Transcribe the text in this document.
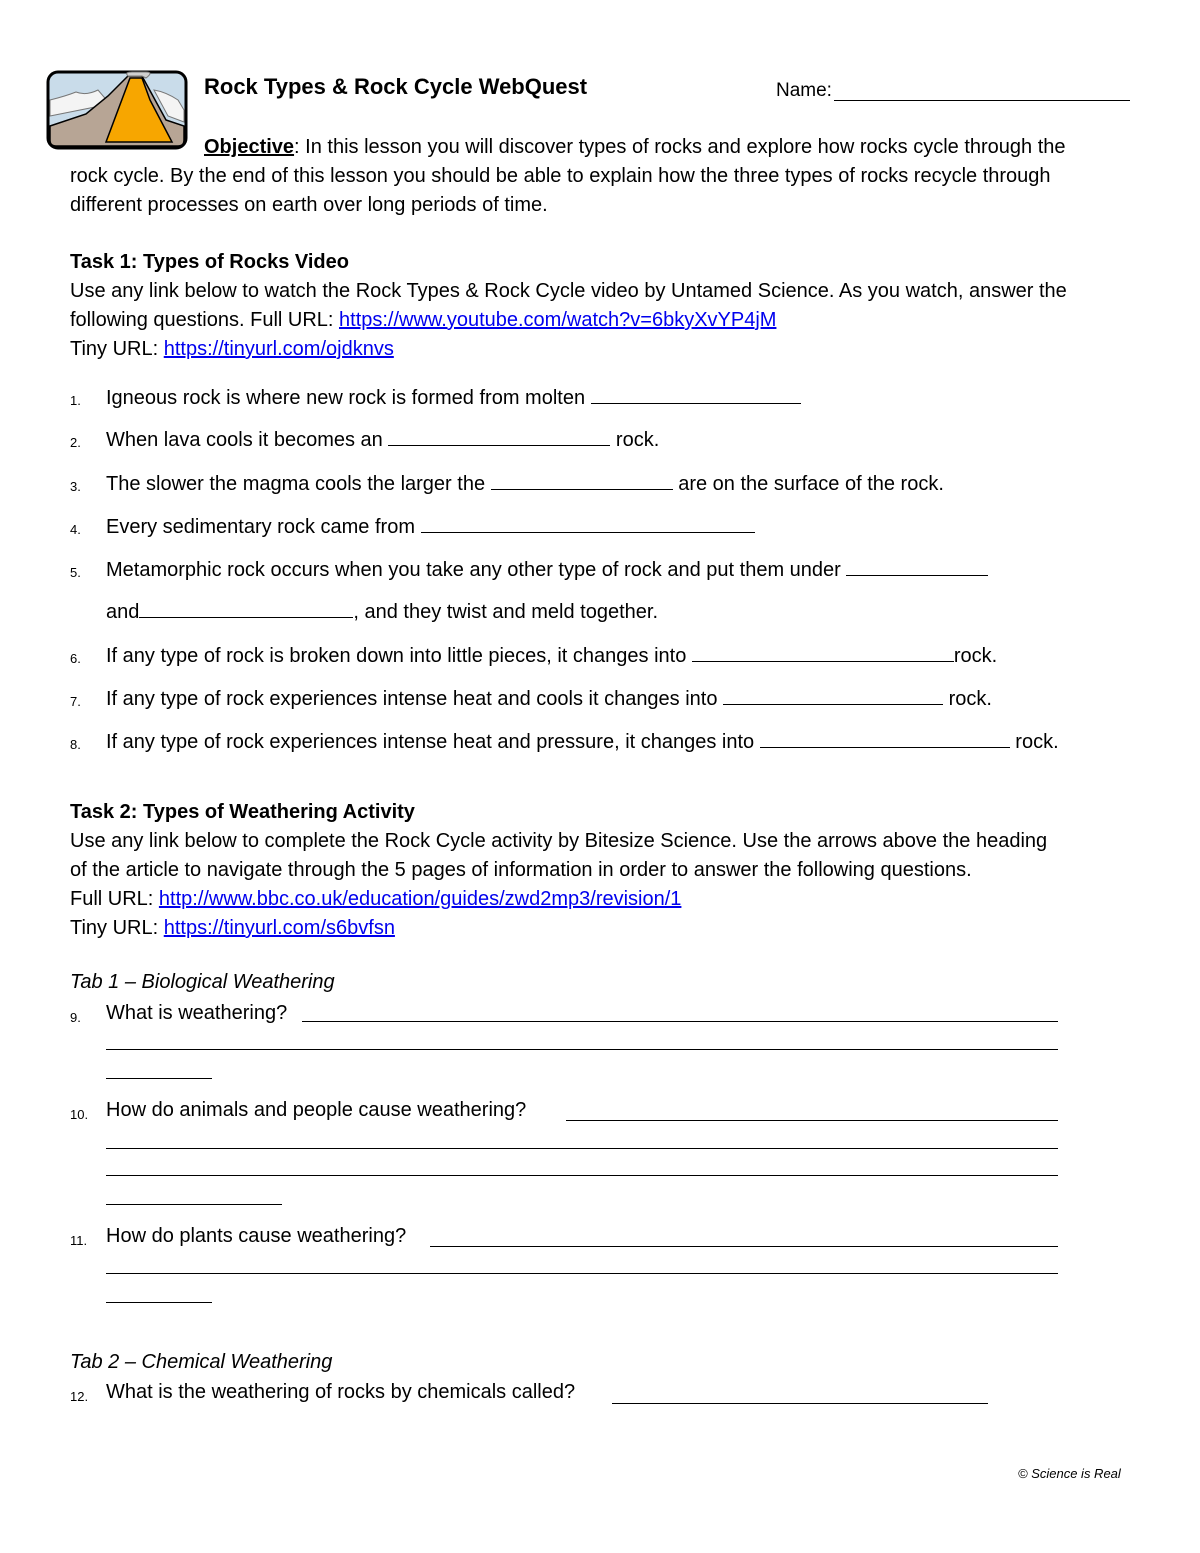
Rock Types & Rock Cycle WebQuest	Name:
Objective: In this lesson you will discover types of rocks and explore how rocks cycle through the
rock cycle. By the end of this lesson you should be able to explain how the three types of rocks recycle through
different processes on earth over long periods of time.
Task 1: Types of Rocks Video
Use any link below to watch the Rock Types & Rock Cycle video by Untamed Science. As you watch, answer the
following questions. Full URL: https://www.youtube.com/watch?v=6bkyXvYP4jM
Tiny URL: https://tinyurl.com/ojdknvs
1. Igneous rock is where new rock is formed from molten
2. When lava cools it becomes an	rock.
3. The slower the magma cools the larger the	are on the surface of the rock.
4. Every sedimentary rock came from
5. Metamorphic rock occurs when you take any other type of rock and put them under
and	, and they twist and meld together.
6. If any type of rock is broken down into little pieces, it changes into	rock.
7. If any type of rock experiences intense heat and cools it changes into	rock.
8. If any type of rock experiences intense heat and pressure, it changes into	rock.
Task 2: Types of Weathering Activity
Use any link below to complete the Rock Cycle activity by Bitesize Science. Use the arrows above the heading
of the article to navigate through the 5 pages of information in order to answer the following questions.
Full URL: http://www.bbc.co.uk/education/guides/zwd2mp3/revision/1
Tiny URL: https://tinyurl.com/s6bvfsn
Tab 1 – Biological Weathering
9. What is weathering?
10. How do animals and people cause weathering?
11. How do plants cause weathering?
Tab 2 – Chemical Weathering
12. What is the weathering of rocks by chemicals called?
© Science is Real
